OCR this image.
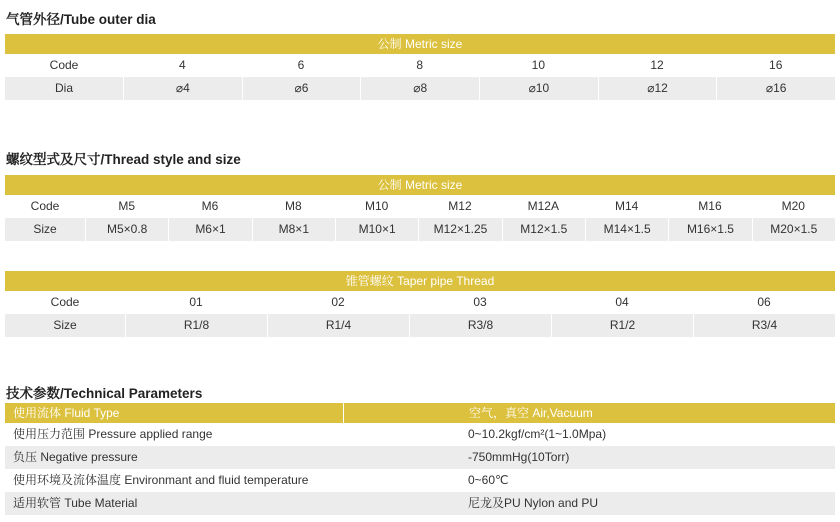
气管外径/Tube outer dia
公制 Metric size
Code	4	6	8	10	12	16
Dia	⌀4	⌀6	⌀8	⌀10	⌀12	⌀16
螺纹型式及尺寸/Thread style and size
公制 Metric size
Code	M5	M6	M8	M10	M12	M12A	M14	M16	M20
Size	M5×0.8	M6×1	M8×1	M10×1	M12×1.25	M12×1.5	M14×1.5	M16×1.5	M20×1.5
锥管螺纹 Taper pipe Thread
Code	01	02	03	04	06
Size	R1/8	R1/4	R3/8	R1/2	R3/4
技术参数/Technical Parameters
使用流体 Fluid Type	空气，真空 Air,Vacuum
使用压力范围 Pressure applied range	0~10.2kgf/cm²(1~1.0Mpa)
负压 Negative pressure	-750mmHg(10Torr)
使用环境及流体温度 Environmant and fluid temperature	0~60℃
适用软管 Tube Material	尼龙及PU Nylon and PU
